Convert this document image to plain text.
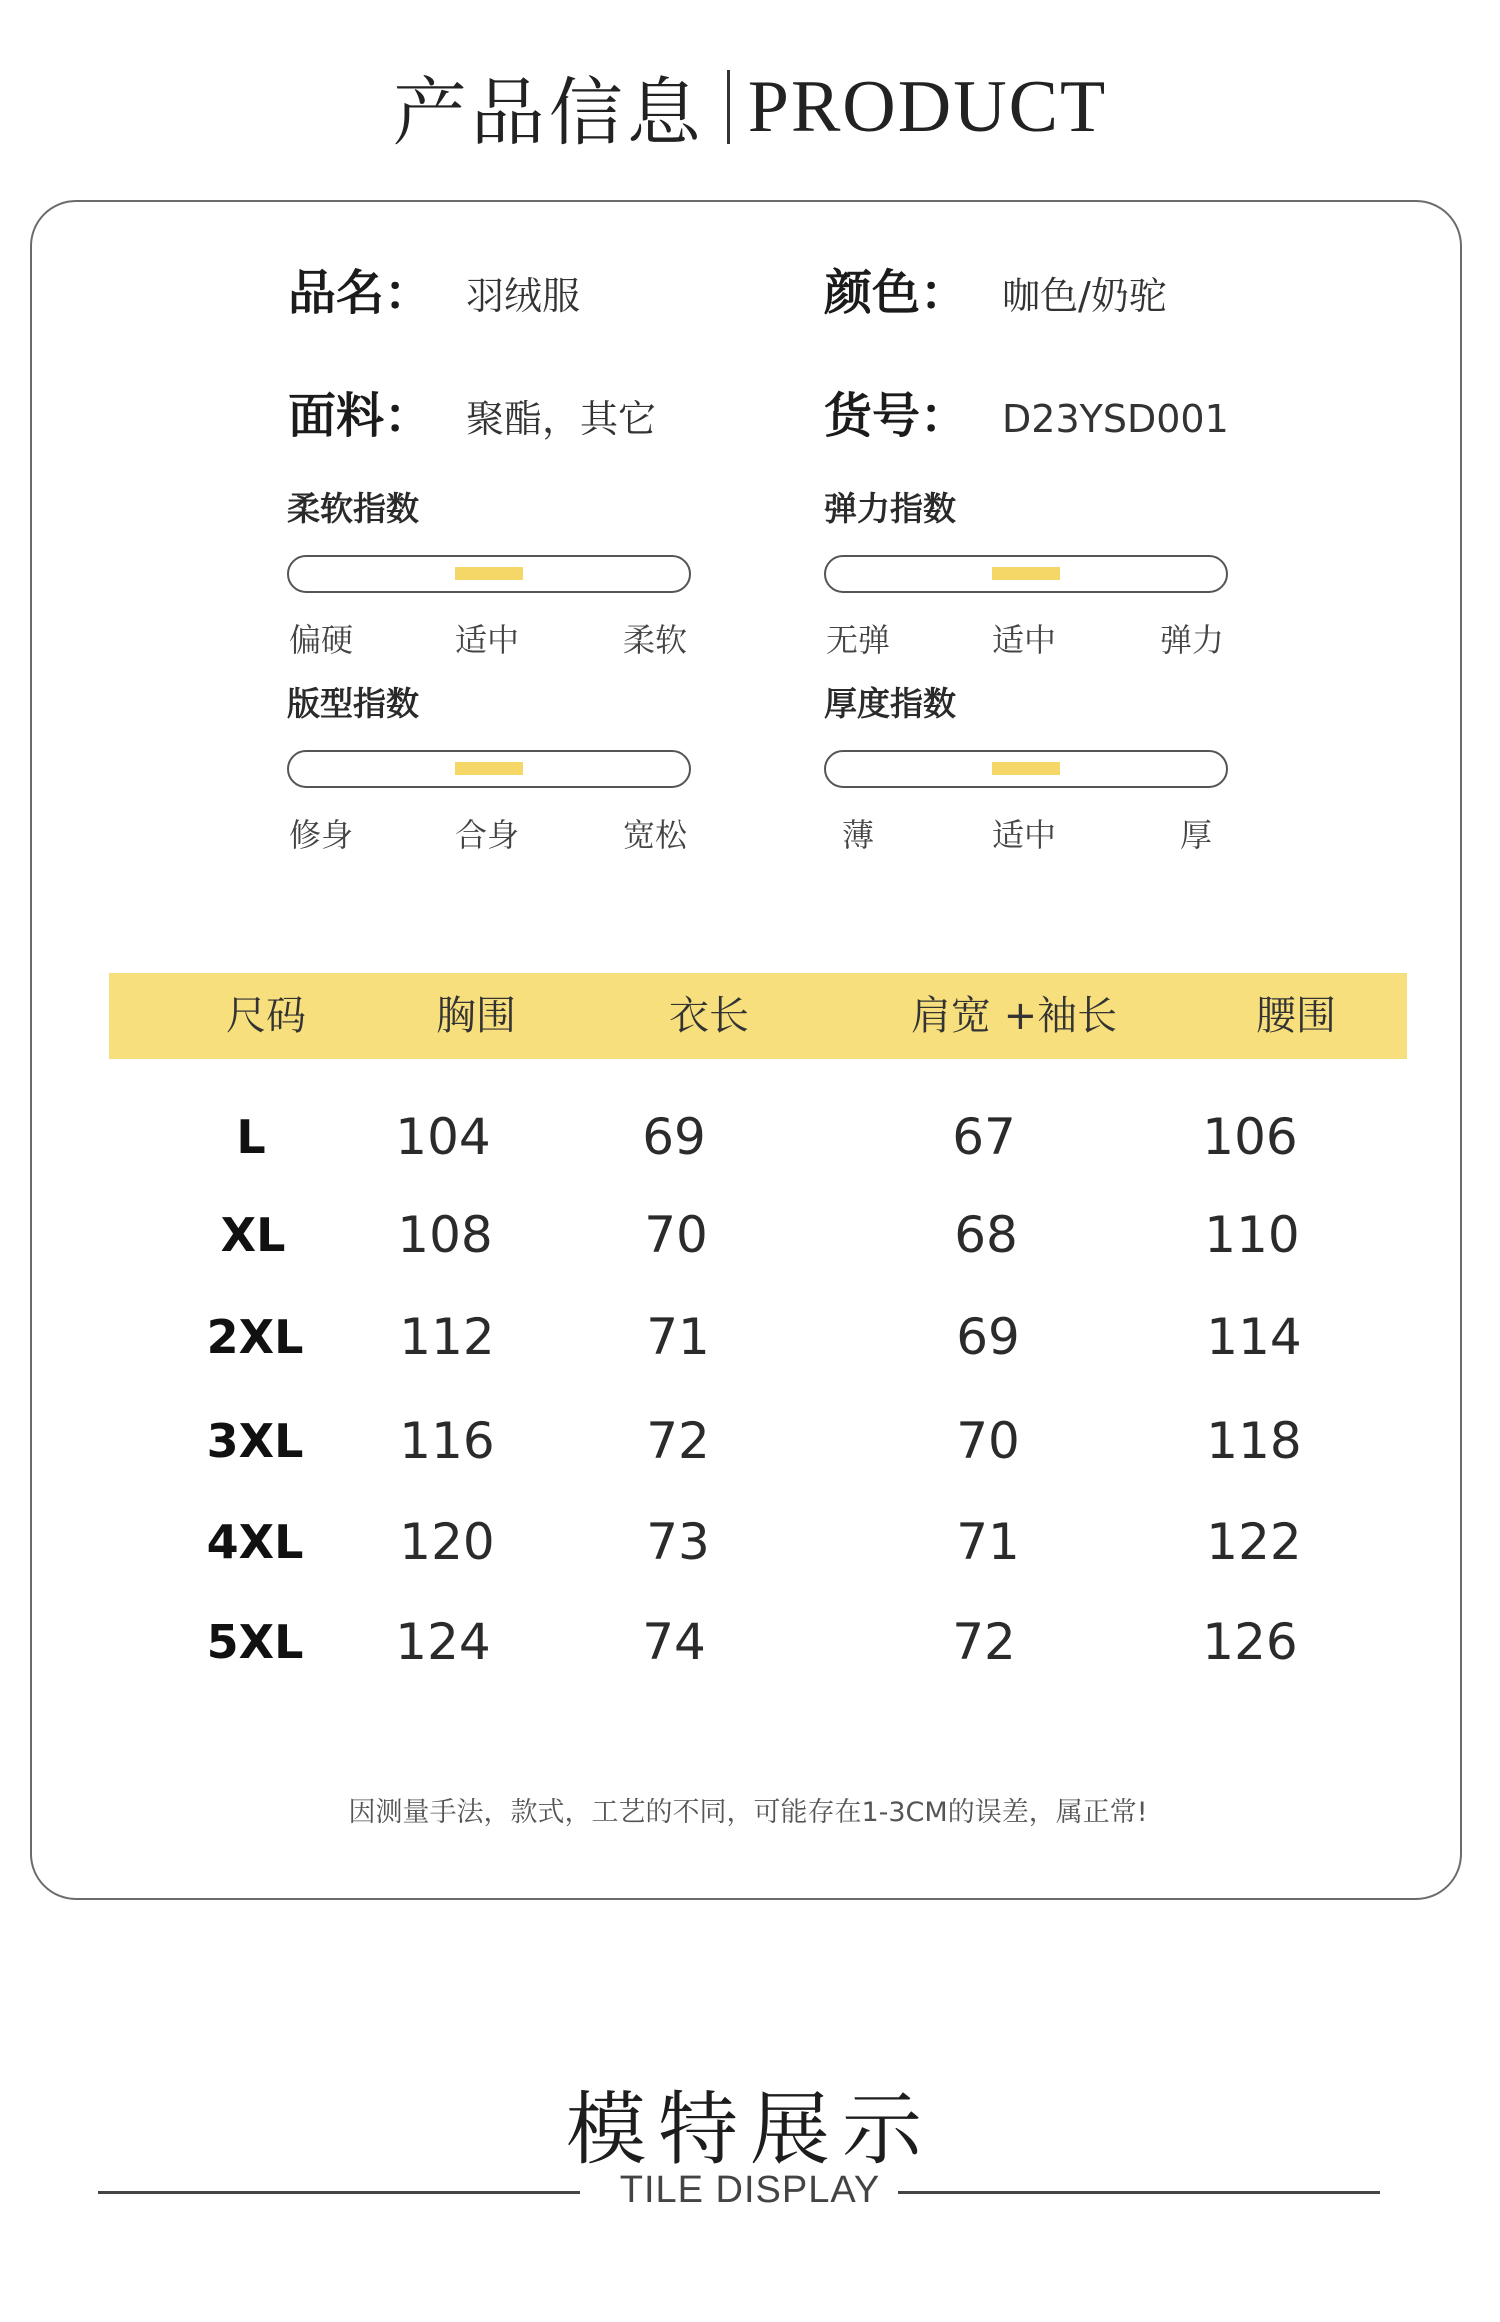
产品信息 PRODUCT
品名： 羽绒服	颜色： 咖色/奶驼
面料： 聚酯，其它	货号： D23YSD001
柔软指数
偏硬	适中	柔软
弹力指数
无弹	适中	弹力
版型指数
修身	合身	宽松
厚度指数
薄	适中	厚
尺码	胸围	衣长	肩宽 +袖长	腰围
L	104	69	67	106
XL 108	70	68	110
2XL 112	71	69	114
3XL 116	72	70	118
4XL 120	73	71	122
5XL 124	74	72	126
因测量手法，款式，工艺的不同，可能存在1-3CM的误差，属正常!
模特展示
TILE DISPLAY
